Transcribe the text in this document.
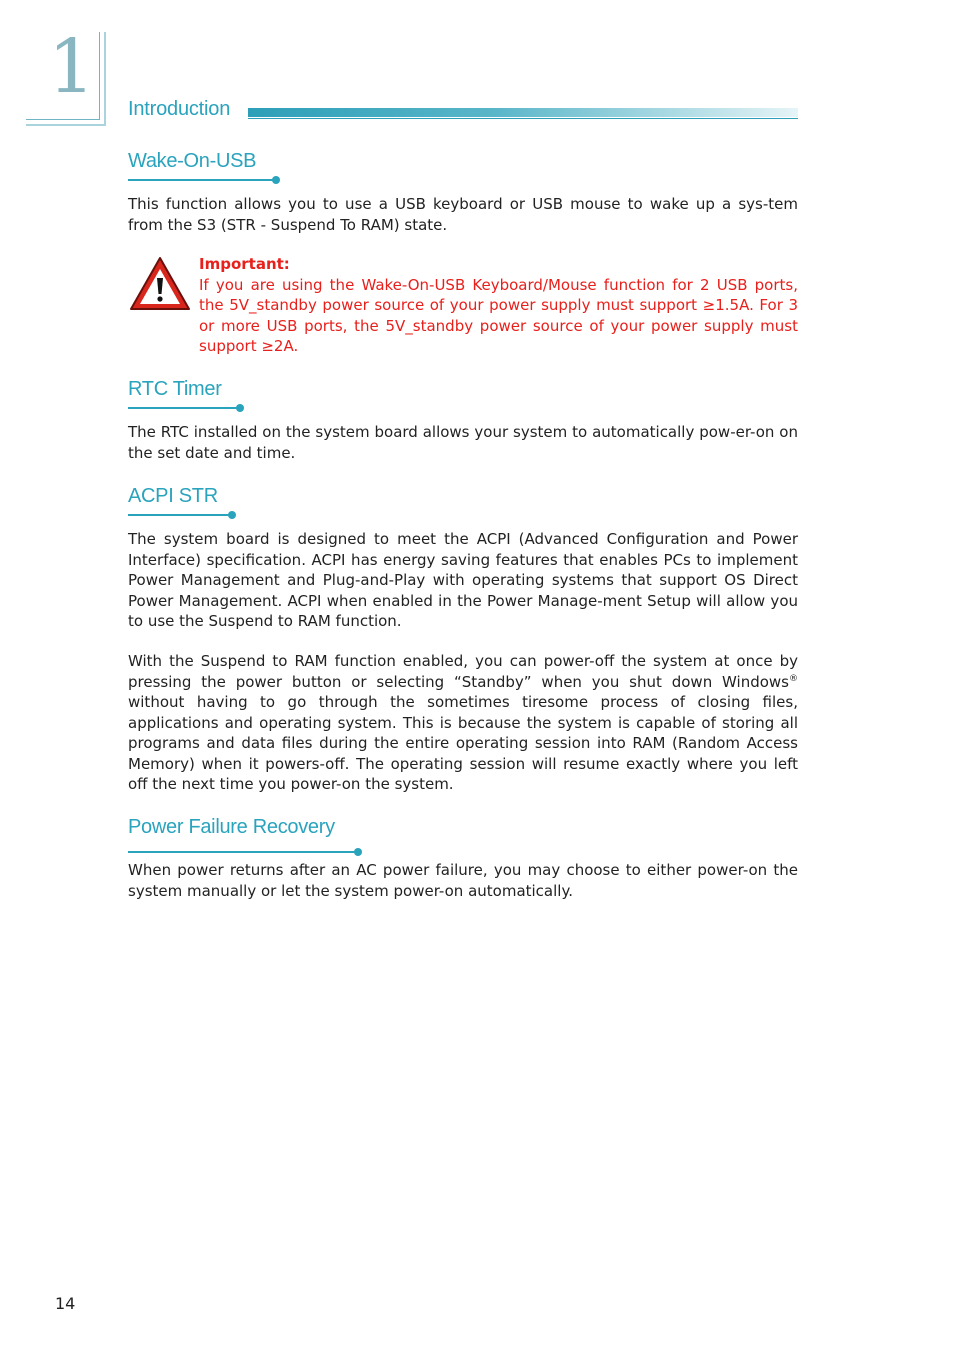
1 Introduction
Wake-On-USB

This function allows you to use a USB keyboard or USB mouse to wake up a sys-tem from the S3 (STR - Suspend To RAM) state.

Important:
If you are using the Wake-On-USB Keyboard/Mouse function for 2 USB ports, the 5V_standby power source of your power supply must support ≥1.5A. For 3 or more USB ports, the 5V_standby power source of your power supply must support ≥2A.
RTC Timer

The RTC installed on the system board allows your system to automatically pow-er-on on the set date and time.

ACPI STR

The system board is designed to meet the ACPI (Advanced Configuration and Power Interface) specification. ACPI has energy saving features that enables PCs to implement Power Management and Plug-and-Play with operating systems that support OS Direct Power Management. ACPI when enabled in the Power Manage-ment Setup will allow you to use the Suspend to RAM function.

With the Suspend to RAM function enabled, you can power-off the system at once by pressing the power button or selecting “Standby” when you shut down Windows® without having to go through the sometimes tiresome process of closing files, applications and operating system. This is because the system is capable of storing all programs and data files during the entire operating session into RAM (Random Access Memory) when it powers-off. The operating session will resume exactly where you left off the next time you power-on the system.

Power Failure Recovery

When power returns after an AC power failure, you may choose to either power-on the system manually or let the system power-on automatically.

14
